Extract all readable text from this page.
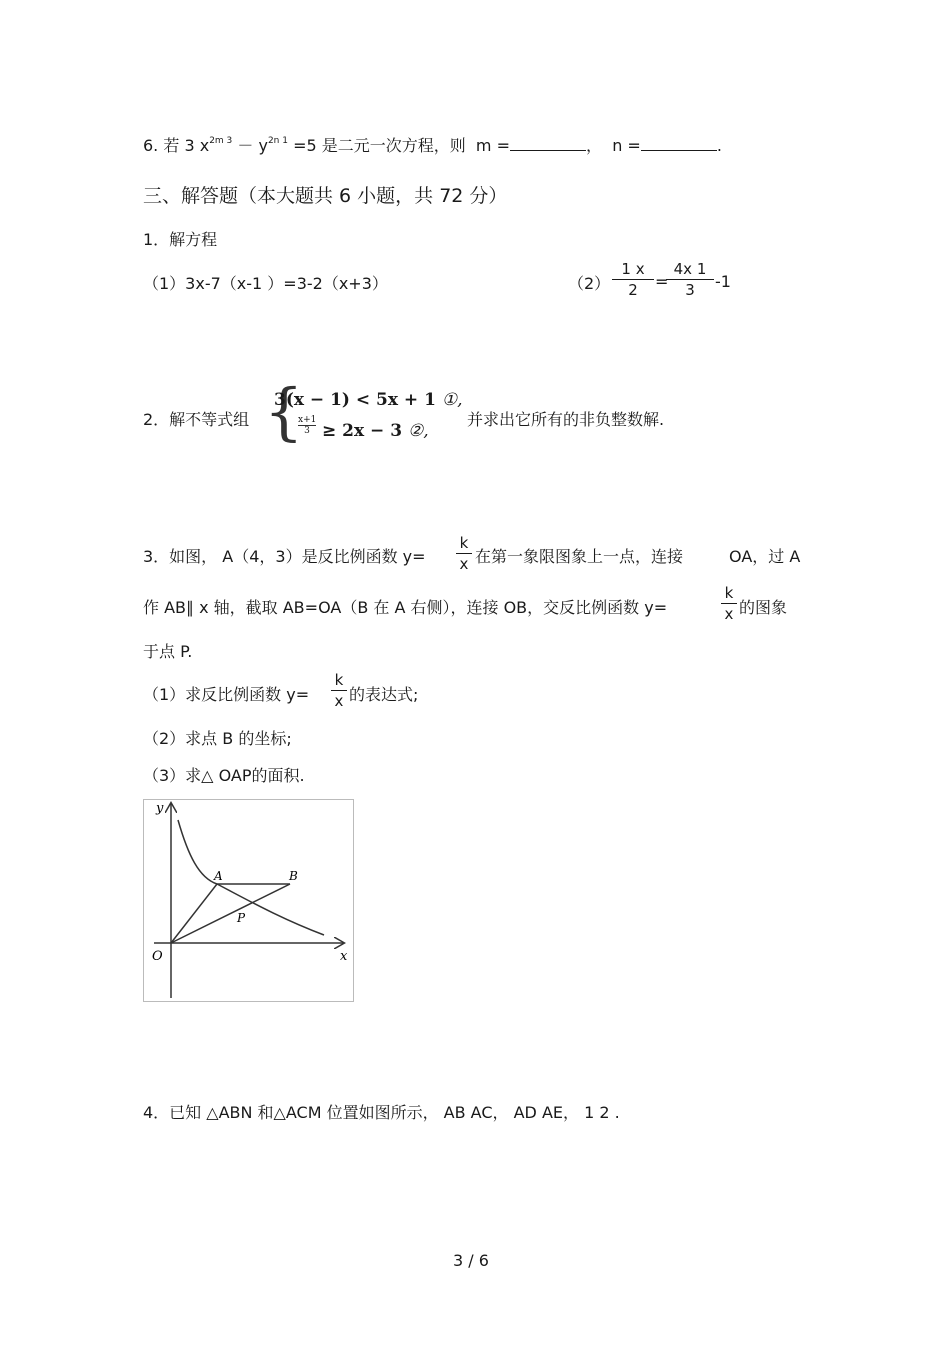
6. 若 3 $x^{2m 3} - y^{2n 1} =5$ 是二元一次方程，则 m =	， n =	.
三、解答题（本大题共 6 小题，共 72 分）
1．解方程
（1）3x-7（x-1 ）=3-2（x+3）	（2）
1 x
2	=
4x 1
3	-1
2．解不等式组 {
3(x − 1) < 5x + 1 ①,
x+1
3 ≥ 2x − 3 ②,
并求出它所有的非负整数解.
3．如图， A（4，3）是反比例函数 y=
k
x 在第一象限图象上一点，连接	OA，过 A
作 AB∥ x 轴，截取 AB=OA（B 在 A 右侧），连接 OB，交反比例函数 y=
k
x 的图象
于点 P.
（1）求反比例函数 y=
k
x 的表达式;
（2）求点 B 的坐标;
（3）求△ OAP的面积.
y
x
O
A	B
P
4．已知 △ABN 和△ACM 位置如图所示， AB AC， AD AE， 1 2 .
3 / 6
